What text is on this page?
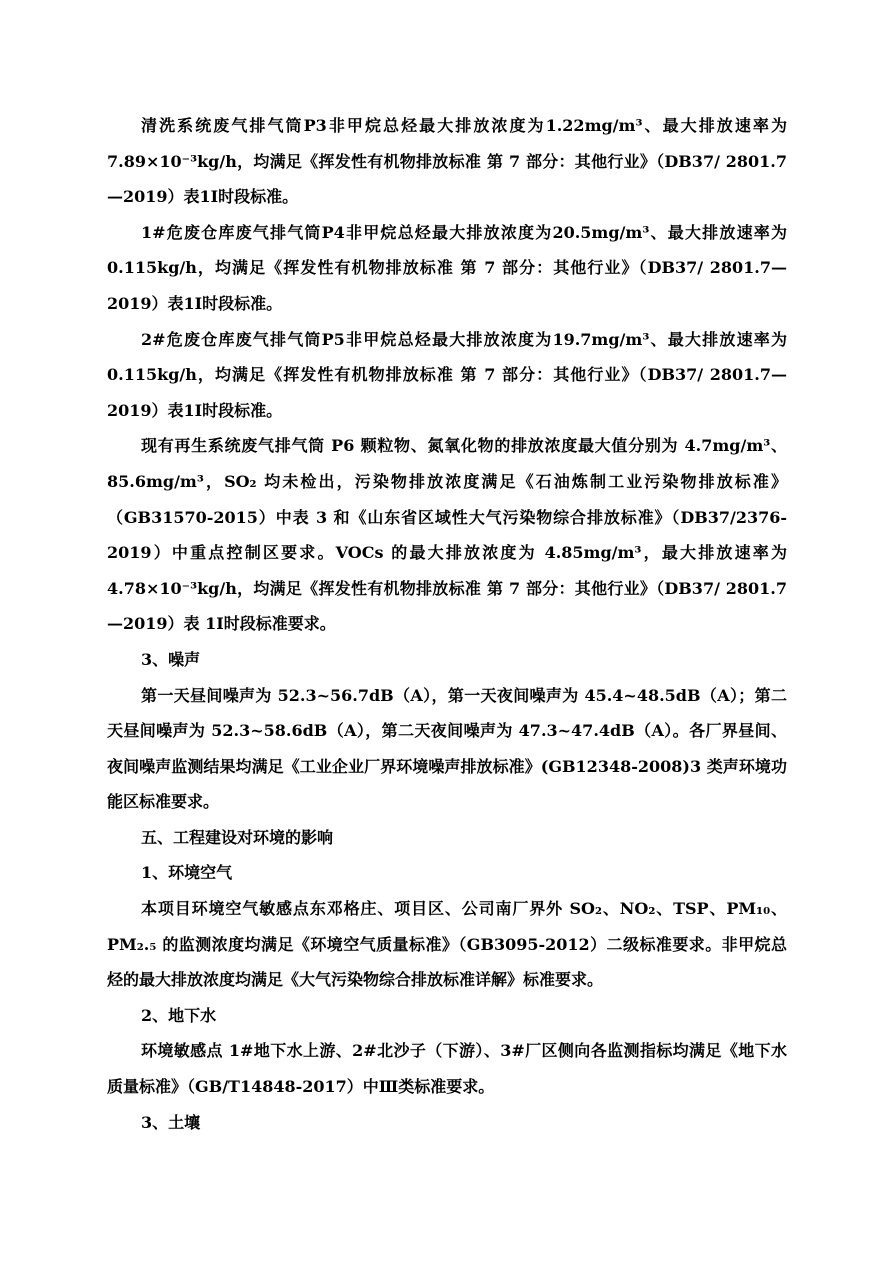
清洗系统废气排气筒P3非甲烷总烃最大排放浓度为1.22mg/m³、最大排放速率为7.89×10⁻³kg/h，均满足《挥发性有机物排放标准 第 7 部分：其他行业》（DB37/ 2801.7—2019）表1Ⅰ时段标准。

1#危废仓库废气排气筒P4非甲烷总烃最大排放浓度为20.5mg/m³、最大排放速率为0.115kg/h，均满足《挥发性有机物排放标准 第 7 部分：其他行业》（DB37/ 2801.7—2019）表1Ⅰ时段标准。

2#危废仓库废气排气筒P5非甲烷总烃最大排放浓度为19.7mg/m³、最大排放速率为0.115kg/h，均满足《挥发性有机物排放标准 第 7 部分：其他行业》（DB37/ 2801.7—2019）表1Ⅰ时段标准。

现有再生系统废气排气筒 P6 颗粒物、氮氧化物的排放浓度最大值分别为 4.7mg/m³、85.6mg/m³，SO₂ 均未检出，污染物排放浓度满足《石油炼制工业污染物排放标准》（GB31570-2015）中表 3 和《山东省区域性大气污染物综合排放标准》（DB37/2376-2019）中重点控制区要求。VOCs 的最大排放浓度为 4.85mg/m³，最大排放速率为 4.78×10⁻³kg/h，均满足《挥发性有机物排放标准 第 7 部分：其他行业》（DB37/ 2801.7—2019）表 1Ⅰ时段标准要求。

3、噪声

第一天昼间噪声为 52.3~56.7dB（A），第一天夜间噪声为 45.4~48.5dB（A）；第二天昼间噪声为 52.3~58.6dB（A），第二天夜间噪声为 47.3~47.4dB（A）。各厂界昼间、夜间噪声监测结果均满足《工业企业厂界环境噪声排放标准》(GB12348-2008)3 类声环境功能区标准要求。

五、工程建设对环境的影响

1、环境空气

本项目环境空气敏感点东邓格庄、项目区、公司南厂界外 SO₂、NO₂、TSP、PM₁₀、PM₂.₅ 的监测浓度均满足《环境空气质量标准》（GB3095-2012）二级标准要求。非甲烷总烃的最大排放浓度均满足《大气污染物综合排放标准详解》标准要求。

2、地下水

环境敏感点 1#地下水上游、2#北沙子（下游）、3#厂区侧向各监测指标均满足《地下水质量标准》（GB/T14848-2017）中Ⅲ类标准要求。

3、土壤
